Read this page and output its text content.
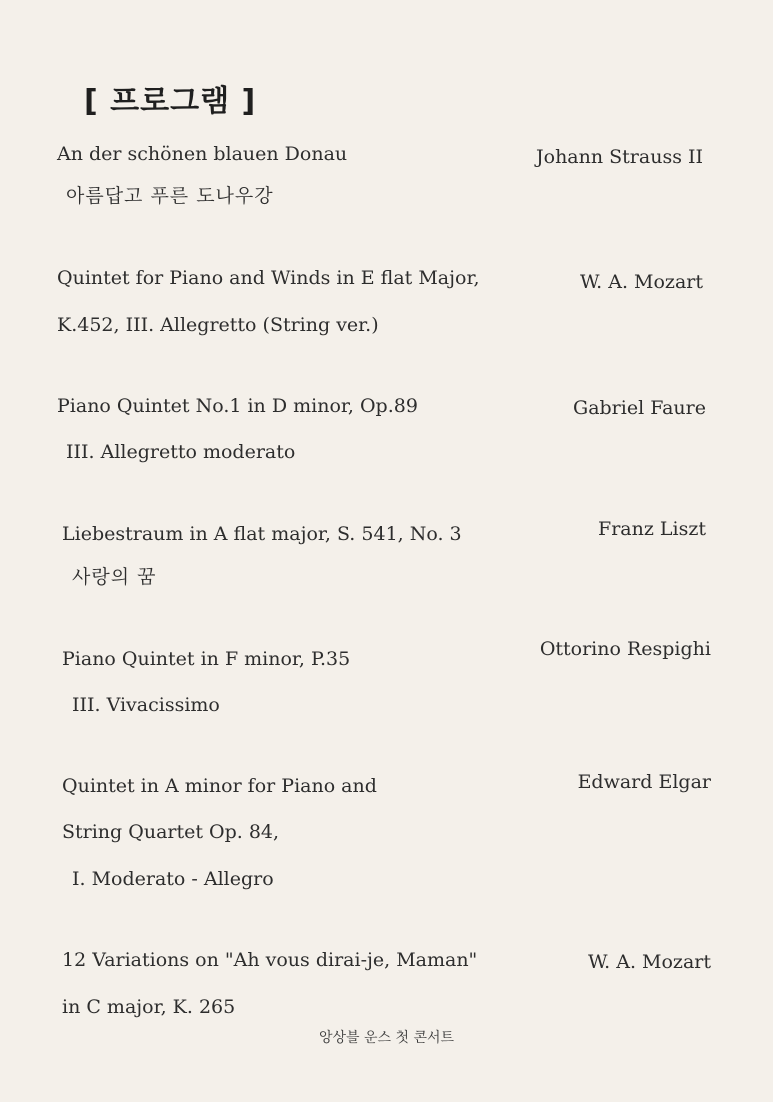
[ 프로그램 ]
An der schönen blauen Donau
아름답고 푸른 도나우강
Johann Strauss II
Quintet for Piano and Winds in E flat Major,
K.452, III. Allegretto (String ver.)
W. A. Mozart
Piano Quintet No.1 in D minor, Op.89
III. Allegretto moderato
Gabriel Faure
Liebestraum in A flat major, S. 541, No. 3
사랑의 꿈
Franz Liszt
Piano Quintet in F minor, P.35
III. Vivacissimo
Ottorino Respighi
Quintet in A minor for Piano and
String Quartet Op. 84,
I. Moderato - Allegro
Edward Elgar
12 Variations on "Ah vous dirai-je, Maman"
in C major, K. 265
W. A. Mozart
앙상블 운스 첫 콘서트
